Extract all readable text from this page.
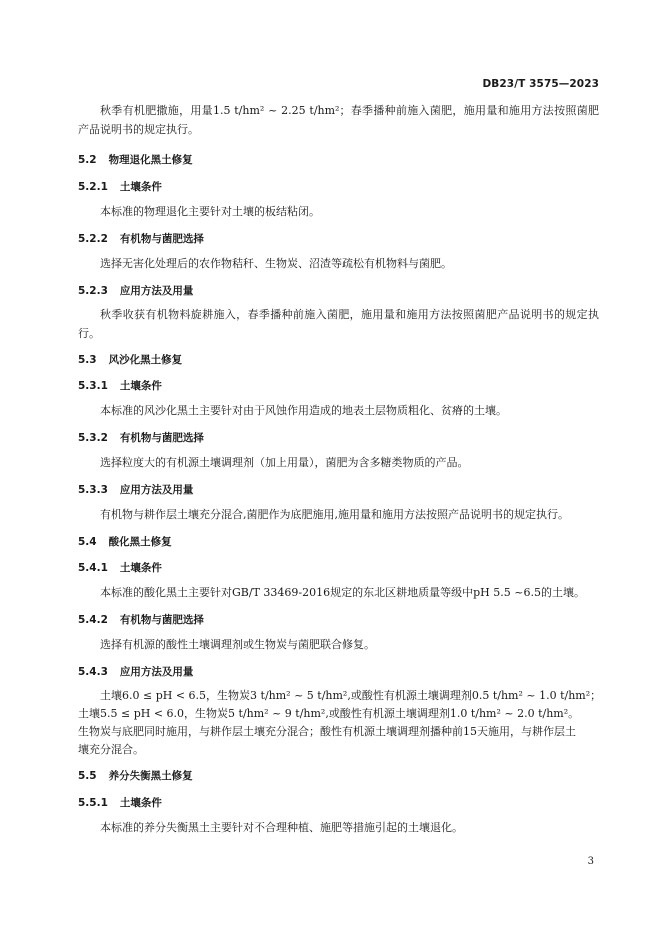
DB23/T 3575—2023
秋季有机肥撒施，用量1.5 t/hm² ~ 2.25 t/hm²；春季播种前施入菌肥，施用量和施用方法按照菌肥产品说明书的规定执行。
5.2 物理退化黑土修复
5.2.1 土壤条件
本标准的物理退化主要针对土壤的板结粘闭。
5.2.2 有机物与菌肥选择
选择无害化处理后的农作物秸秆、生物炭、沼渣等疏松有机物料与菌肥。
5.2.3 应用方法及用量
秋季收获有机物料旋耕施入，春季播种前施入菌肥，施用量和施用方法按照菌肥产品说明书的规定执行。
5.3 风沙化黑土修复
5.3.1 土壤条件
本标准的风沙化黑土主要针对由于风蚀作用造成的地表土层物质粗化、贫瘠的土壤。
5.3.2 有机物与菌肥选择
选择粒度大的有机源土壤调理剂（加上用量），菌肥为含多糖类物质的产品。
5.3.3 应用方法及用量
有机物与耕作层土壤充分混合,菌肥作为底肥施用,施用量和施用方法按照产品说明书的规定执行。
5.4 酸化黑土修复
5.4.1 土壤条件
本标准的酸化黑土主要针对GB/T 33469-2016规定的东北区耕地质量等级中pH 5.5 ~6.5的土壤。
5.4.2 有机物与菌肥选择
选择有机源的酸性土壤调理剂或生物炭与菌肥联合修复。
5.4.3 应用方法及用量
土壤6.0 ≤ pH < 6.5，生物炭3 t/hm² ~ 5 t/hm²,或酸性有机源土壤调理剂0.5 t/hm² ~ 1.0 t/hm²；
土壤5.5 ≤ pH < 6.0，生物炭5 t/hm² ~ 9 t/hm²,或酸性有机源土壤调理剂1.0 t/hm² ~ 2.0 t/hm²。
生物炭与底肥同时施用，与耕作层土壤充分混合；酸性有机源土壤调理剂播种前15天施用，与耕作层土
壤充分混合。
5.5 养分失衡黑土修复
5.5.1 土壤条件
本标准的养分失衡黑土主要针对不合理种植、施肥等措施引起的土壤退化。
3
